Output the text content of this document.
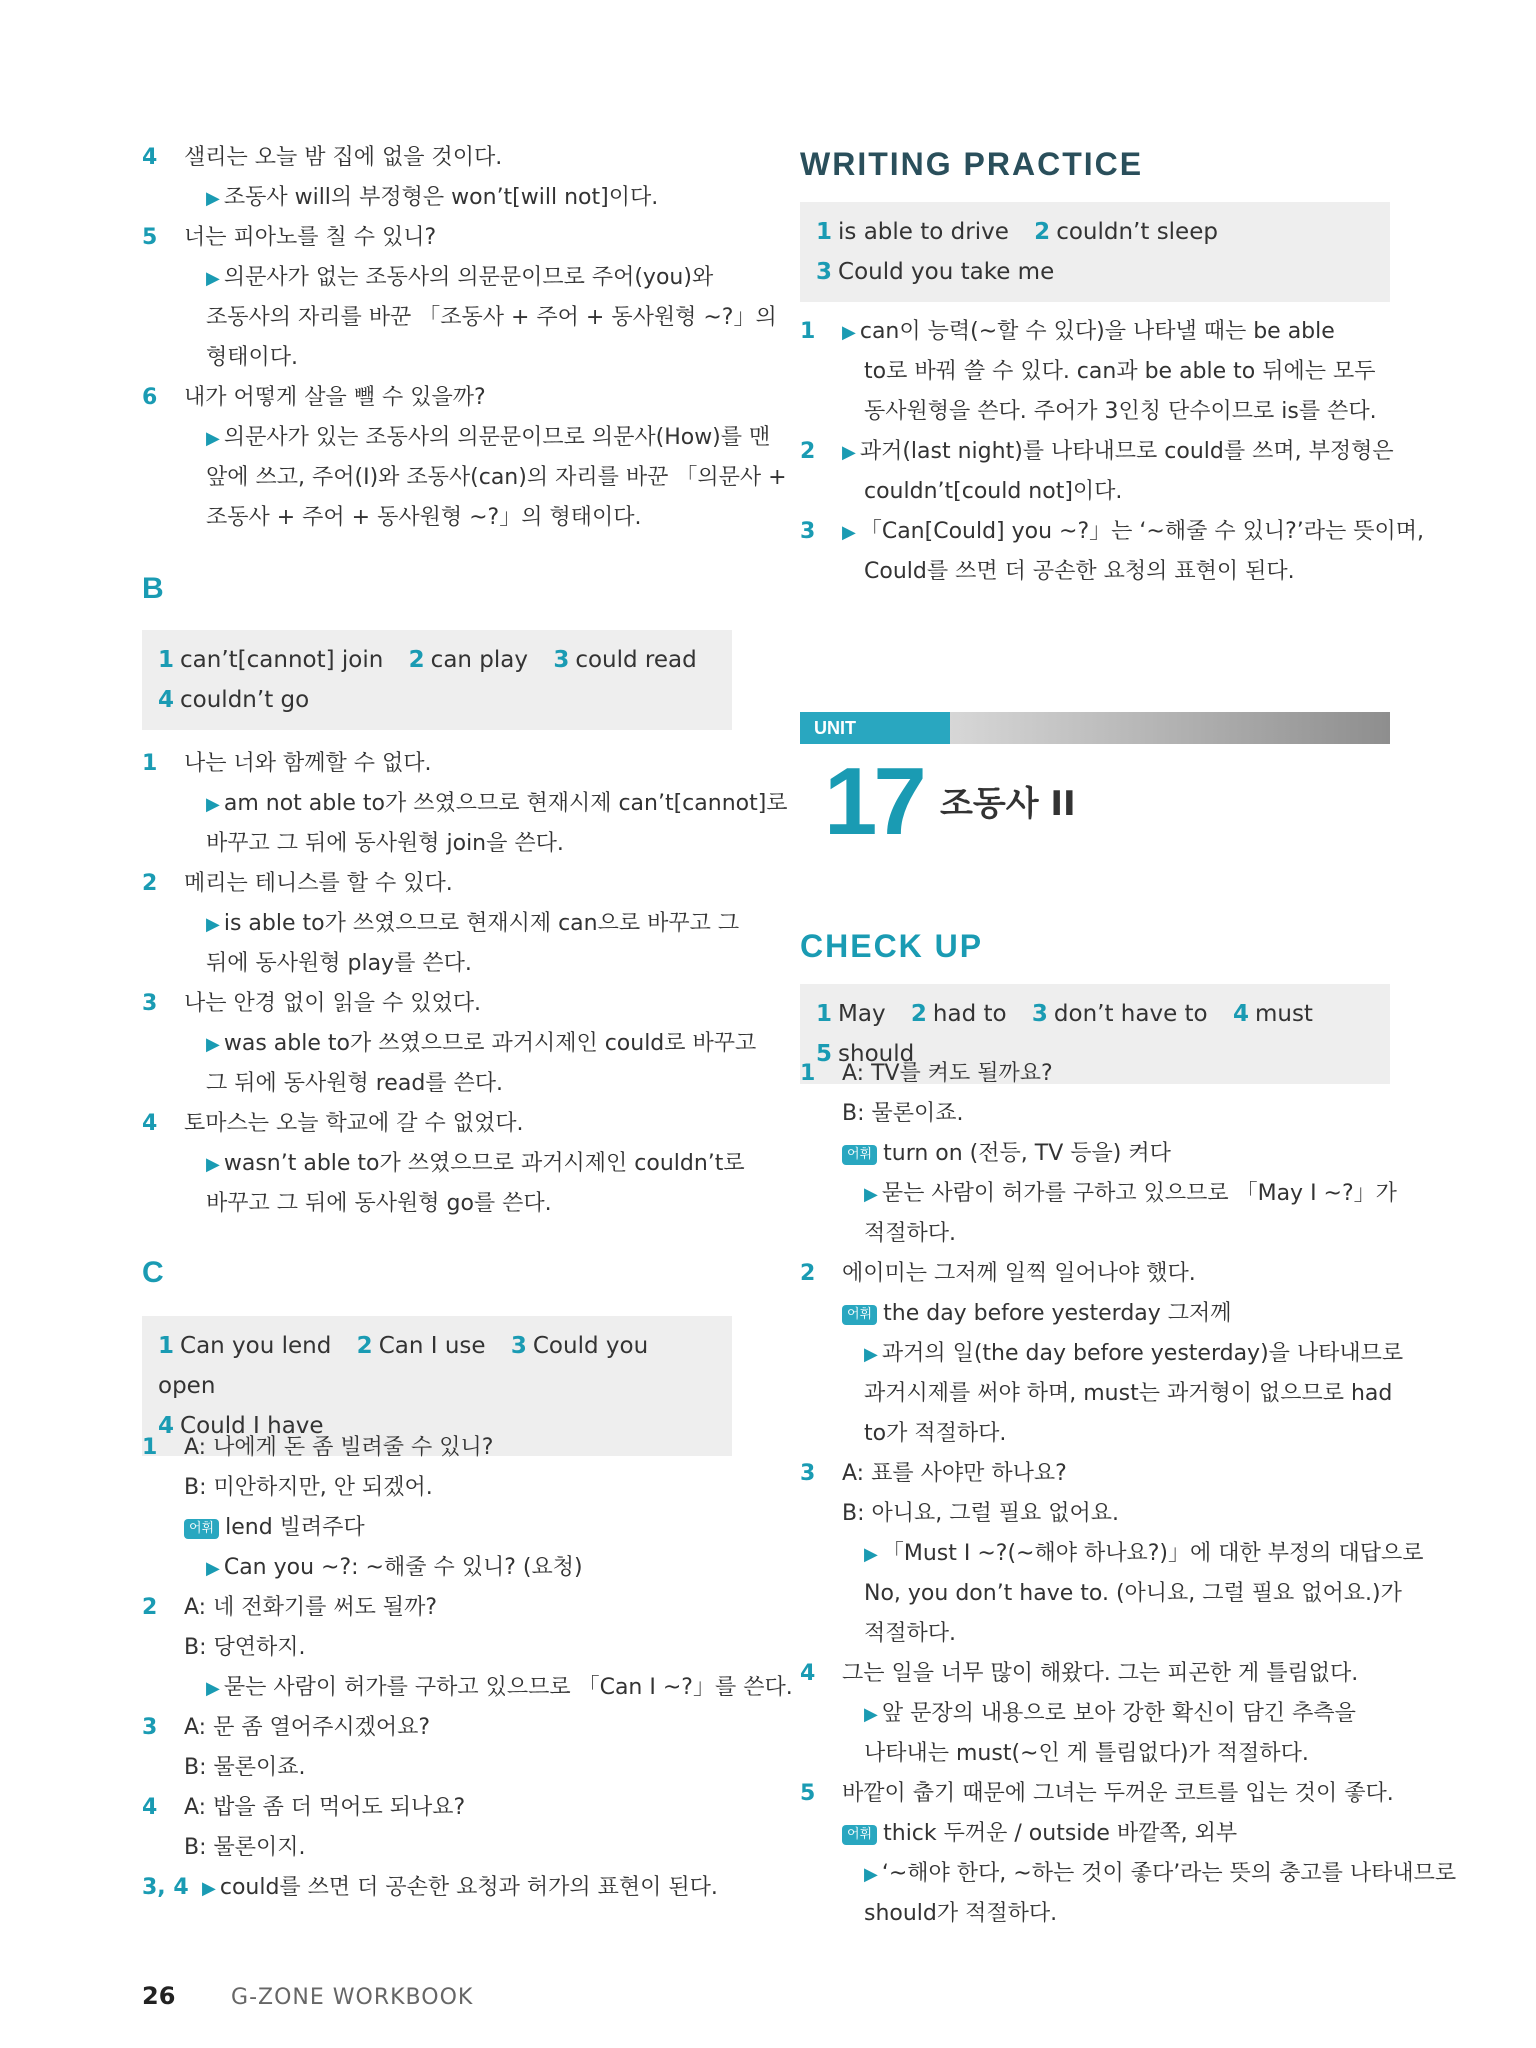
4	샐리는 오늘 밤 집에 없을 것이다.
▶ 조동사 will의 부정형은 won’t[will not]이다.
5	너는 피아노를 칠 수 있니?
▶ 의문사가 없는 조동사의 의문문이므로 주어(you)와
조동사의 자리를 바꾼 「조동사 + 주어 + 동사원형 ~?」의
형태이다.
6	내가 어떻게 살을 뺄 수 있을까?
▶ 의문사가 있는 조동사의 의문문이므로 의문사(How)를 맨
앞에 쓰고, 주어(I)와 조동사(can)의 자리를 바꾼 「의문사 +
조동사 + 주어 + 동사원형 ~?」의 형태이다.
B
1 can’t[cannot] join 2 can play 3 could read
4 couldn’t go
1	나는 너와 함께할 수 없다.
▶ am not able to가 쓰였으므로 현재시제 can’t[cannot]로
바꾸고 그 뒤에 동사원형 join을 쓴다.
2	메리는 테니스를 할 수 있다.
▶ is able to가 쓰였으므로 현재시제 can으로 바꾸고 그
뒤에 동사원형 play를 쓴다.
3	나는 안경 없이 읽을 수 있었다.
▶ was able to가 쓰였으므로 과거시제인 could로 바꾸고
그 뒤에 동사원형 read를 쓴다.
4	토마스는 오늘 학교에 갈 수 없었다.
▶ wasn’t able to가 쓰였으므로 과거시제인 couldn’t로
바꾸고 그 뒤에 동사원형 go를 쓴다.
C
1 Can you lend 2 Can I use 3 Could you open
4 Could I have
1	A: 나에게 돈 좀 빌려줄 수 있니?
B: 미안하지만, 안 되겠어.
어휘 lend 빌려주다
▶ Can you ~?: ~해줄 수 있니? (요청)
2	A: 네 전화기를 써도 될까?
B: 당연하지.
▶ 묻는 사람이 허가를 구하고 있으므로 「Can I ~?」를 쓴다.
3	A: 문 좀 열어주시겠어요?
B: 물론이죠.
4	A: 밥을 좀 더 먹어도 되나요?
B: 물론이지.
3, 4 ▶ could를 쓰면 더 공손한 요청과 허가의 표현이 된다.
WRITING PRACTICE
1 is able to drive 2 couldn’t sleep
3 Could you take me
1	▶ can이 능력(~할 수 있다)을 나타낼 때는 be able
to로 바꿔 쓸 수 있다. can과 be able to 뒤에는 모두
동사원형을 쓴다. 주어가 3인칭 단수이므로 is를 쓴다.
2	▶ 과거(last night)를 나타내므로 could를 쓰며, 부정형은
couldn’t[could not]이다.
3	▶ 「Can[Could] you ~?」는 ‘~해줄 수 있니?’라는 뜻이며,
Could를 쓰면 더 공손한 요청의 표현이 된다.
UNIT
17 조동사 II
CHECK UP
1 May 2 had to 3 don’t have to 4 must 5 should
1	A: TV를 켜도 될까요?
B: 물론이죠.
어휘 turn on (전등, TV 등을) 켜다
▶ 묻는 사람이 허가를 구하고 있으므로 「May I ~?」가
적절하다.
2	에이미는 그저께 일찍 일어나야 했다.
어휘 the day before yesterday 그저께
▶ 과거의 일(the day before yesterday)을 나타내므로
과거시제를 써야 하며, must는 과거형이 없으므로 had
to가 적절하다.
3	A: 표를 사야만 하나요?
B: 아니요, 그럴 필요 없어요.
▶ 「Must I ~?(~해야 하나요?)」에 대한 부정의 대답으로
No, you don’t have to. (아니요, 그럴 필요 없어요.)가
적절하다.
4	그는 일을 너무 많이 해왔다. 그는 피곤한 게 틀림없다.
▶ 앞 문장의 내용으로 보아 강한 확신이 담긴 추측을
나타내는 must(~인 게 틀림없다)가 적절하다.
5	바깥이 춥기 때문에 그녀는 두꺼운 코트를 입는 것이 좋다.
어휘 thick 두꺼운 / outside 바깥쪽, 외부
▶ ‘~해야 한다, ~하는 것이 좋다’라는 뜻의 충고를 나타내므로
should가 적절하다.
26	G-ZONE WORKBOOK
